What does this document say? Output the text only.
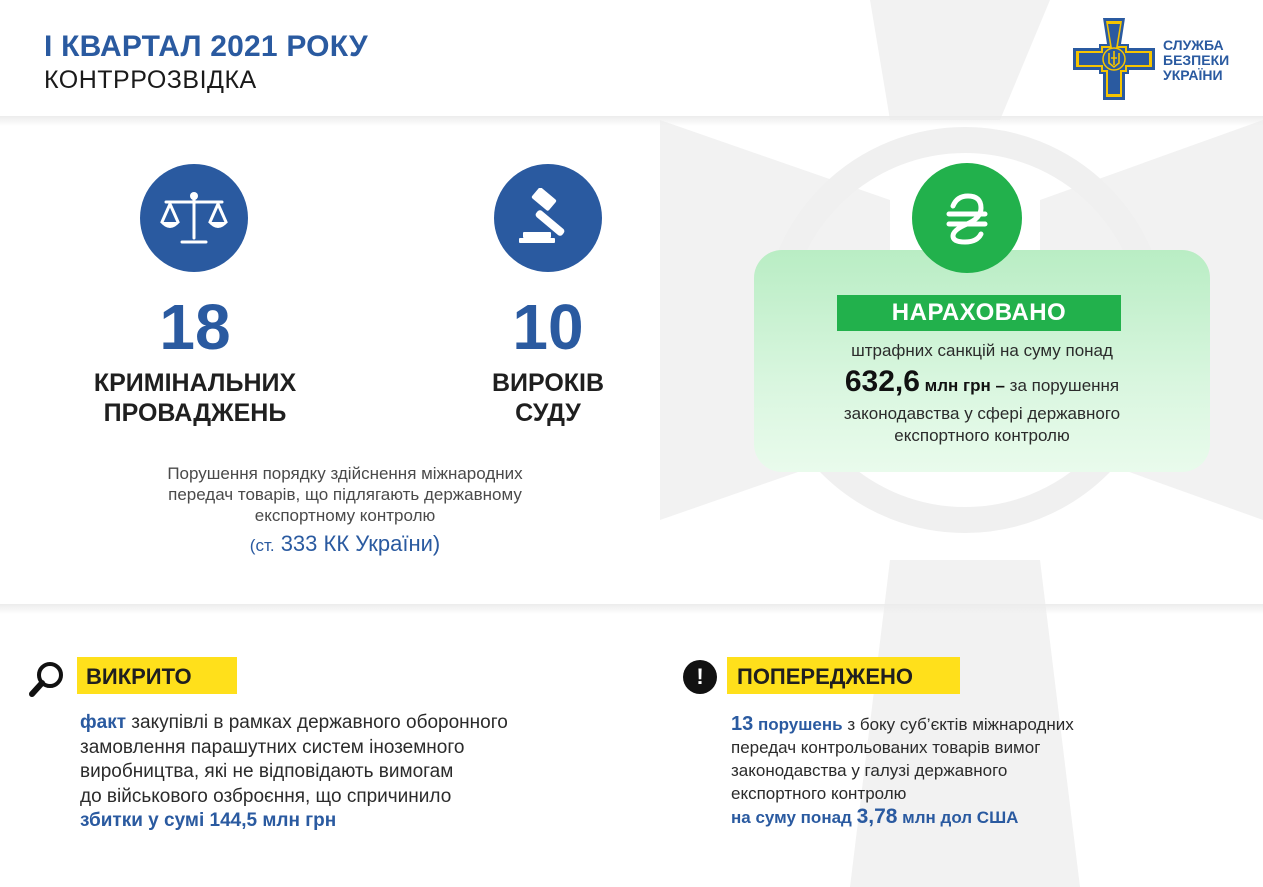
І КВАРТАЛ 2021 РОКУ
КОНТРРОЗВІДКА
СЛУЖБА
БЕЗПЕКИ
УКРАЇНИ
18
КРИМІНАЛЬНИХ
ПРОВАДЖЕНЬ
10
ВИРОКІВ
СУДУ
Порушення порядку здійснення міжнародних
передач товарів, що підлягають державному
експортному контролю
(ст. 333 КК України)
НАРАХОВАНО
штрафних санкцій на суму понад
632,6 млн грн – за порушення
законодавства у сфері державного
експортного контролю
ВИКРИТО
факт закупівлі в рамках державного оборонного
замовлення парашутних систем іноземного
виробництва, які не відповідають вимогам
до військового озброєння, що спричинило
збитки у сумі 144,5 млн грн
!	ПОПЕРЕДЖЕНО
13 порушень з боку суб’єктів міжнародних
передач контрольованих товарів вимог
законодавства у галузі державного
експортного контролю
на суму понад 3,78 млн дол США
